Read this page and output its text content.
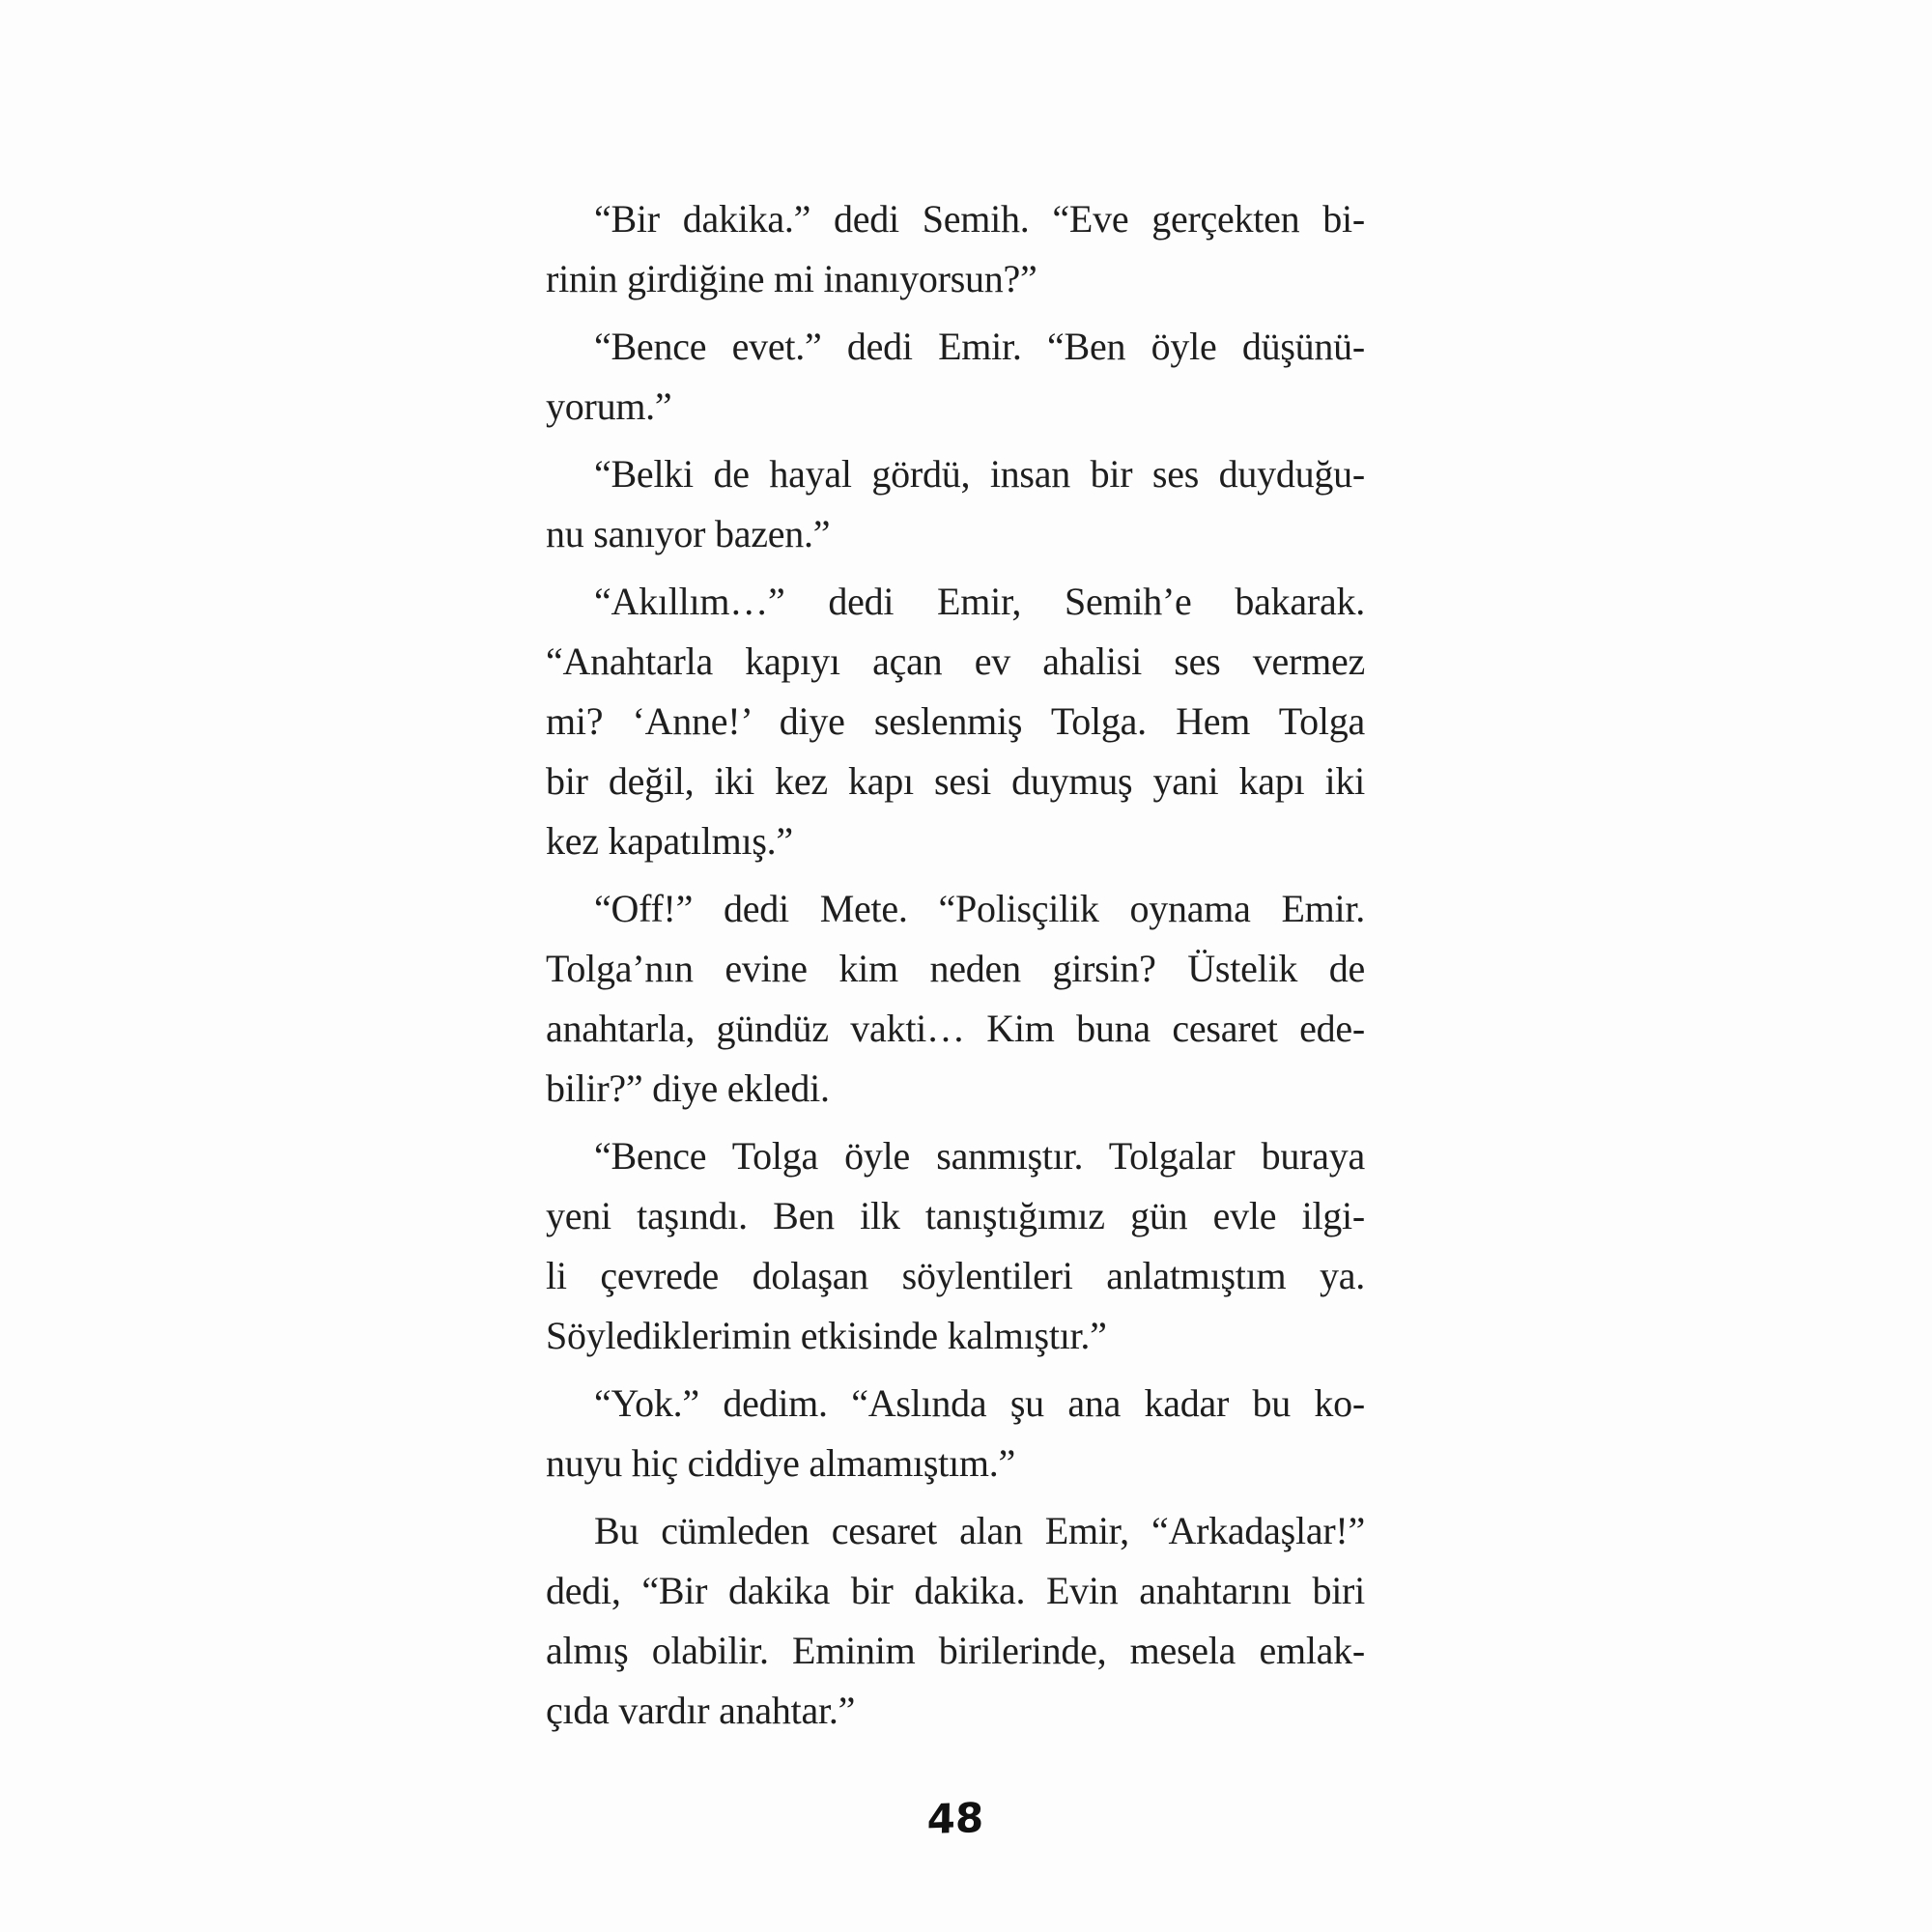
“Bir dakika.” dedi Semih. “Eve gerçekten bi-
rinin girdiğine mi inanıyorsun?”
“Bence evet.” dedi Emir. “Ben öyle düşünü-
yorum.”
“Belki de hayal gördü, insan bir ses duyduğu-
nu sanıyor bazen.”
“Akıllım…” dedi Emir, Semih’e bakarak.
“Anahtarla kapıyı açan ev ahalisi ses vermez
mi? ‘Anne!’ diye seslenmiş Tolga. Hem Tolga
bir değil, iki kez kapı sesi duymuş yani kapı iki
kez kapatılmış.”
“Off!” dedi Mete. “Polisçilik oynama Emir.
Tolga’nın evine kim neden girsin? Üstelik de
anahtarla, gündüz vakti… Kim buna cesaret ede-
bilir?” diye ekledi.
“Bence Tolga öyle sanmıştır. Tolgalar buraya
yeni taşındı. Ben ilk tanıştığımız gün evle ilgi-
li çevrede dolaşan söylentileri anlatmıştım ya.
Söylediklerimin etkisinde kalmıştır.”
“Yok.” dedim. “Aslında şu ana kadar bu ko-
nuyu hiç ciddiye almamıştım.”
Bu cümleden cesaret alan Emir, “Arkadaşlar!”
dedi, “Bir dakika bir dakika. Evin anahtarını biri
almış olabilir. Eminim birilerinde, mesela emlak-
çıda vardır anahtar.”
48
